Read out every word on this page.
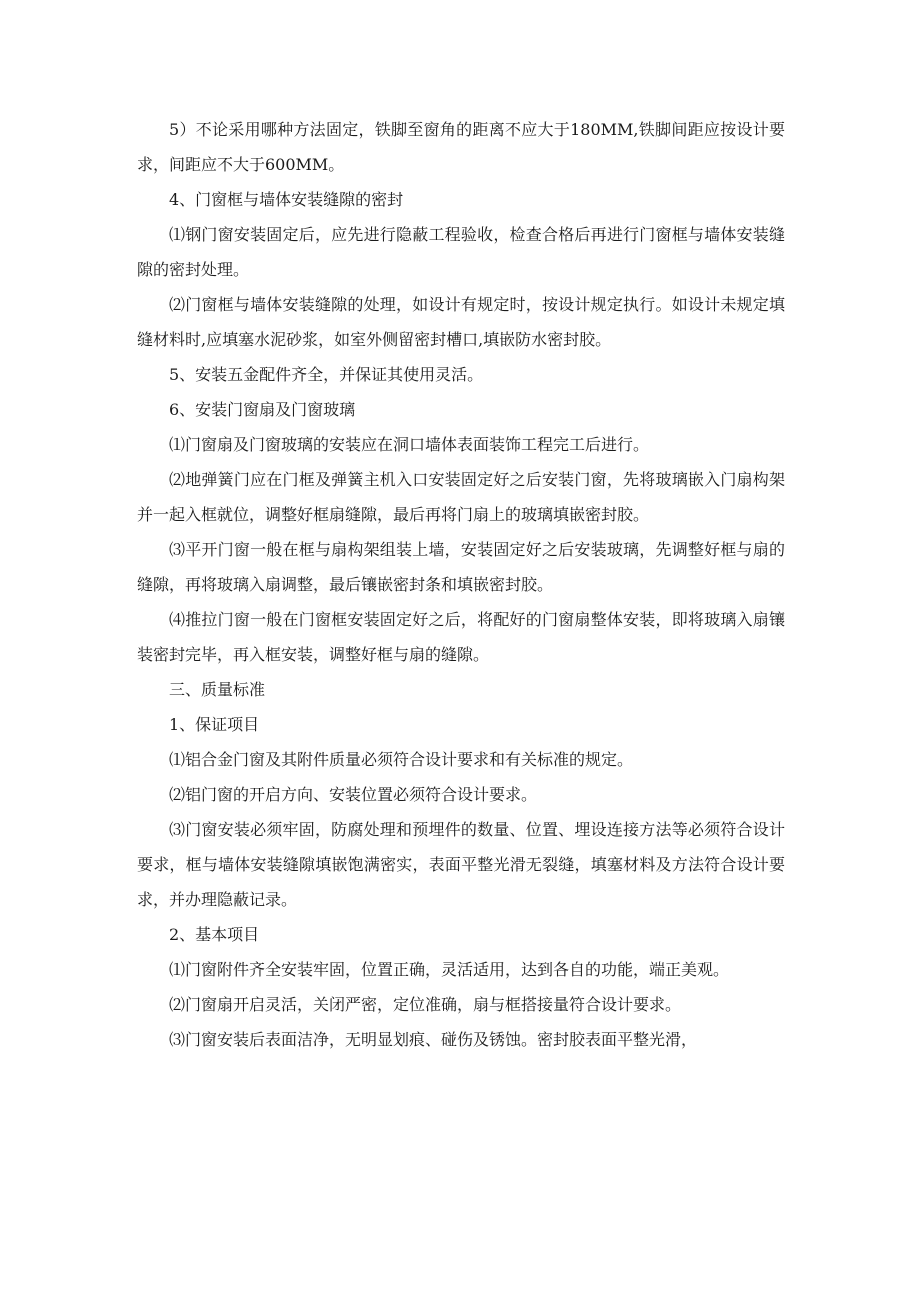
5）不论采用哪种方法固定，铁脚至窗角的距离不应大于180MM,铁脚间距应按设计要求，间距应不大于600MM。

4、门窗框与墙体安装缝隙的密封

⑴钢门窗安装固定后，应先进行隐蔽工程验收，检查合格后再进行门窗框与墙体安装缝隙的密封处理。

⑵门窗框与墙体安装缝隙的处理，如设计有规定时，按设计规定执行。如设计未规定填缝材料时,应填塞水泥砂浆，如室外侧留密封槽口,填嵌防水密封胶。

5、安装五金配件齐全，并保证其使用灵活。

6、安装门窗扇及门窗玻璃

⑴门窗扇及门窗玻璃的安装应在洞口墙体表面装饰工程完工后进行。

⑵地弹簧门应在门框及弹簧主机入口安装固定好之后安装门窗，先将玻璃嵌入门扇构架并一起入框就位，调整好框扇缝隙，最后再将门扇上的玻璃填嵌密封胶。

⑶平开门窗一般在框与扇构架组装上墙，安装固定好之后安装玻璃，先调整好框与扇的缝隙，再将玻璃入扇调整，最后镶嵌密封条和填嵌密封胶。

⑷推拉门窗一般在门窗框安装固定好之后，将配好的门窗扇整体安装，即将玻璃入扇镶装密封完毕，再入框安装，调整好框与扇的缝隙。

三、质量标准

1、保证项目

⑴铝合金门窗及其附件质量必须符合设计要求和有关标准的规定。

⑵铝门窗的开启方向、安装位置必须符合设计要求。

⑶门窗安装必须牢固，防腐处理和预埋件的数量、位置、埋设连接方法等必须符合设计要求，框与墙体安装缝隙填嵌饱满密实，表面平整光滑无裂缝，填塞材料及方法符合设计要求，并办理隐蔽记录。

2、基本项目

⑴门窗附件齐全安装牢固，位置正确，灵活适用，达到各自的功能，端正美观。

⑵门窗扇开启灵活，关闭严密，定位准确，扇与框搭接量符合设计要求。

⑶门窗安装后表面洁净，无明显划痕、碰伤及锈蚀。密封胶表面平整光滑，
